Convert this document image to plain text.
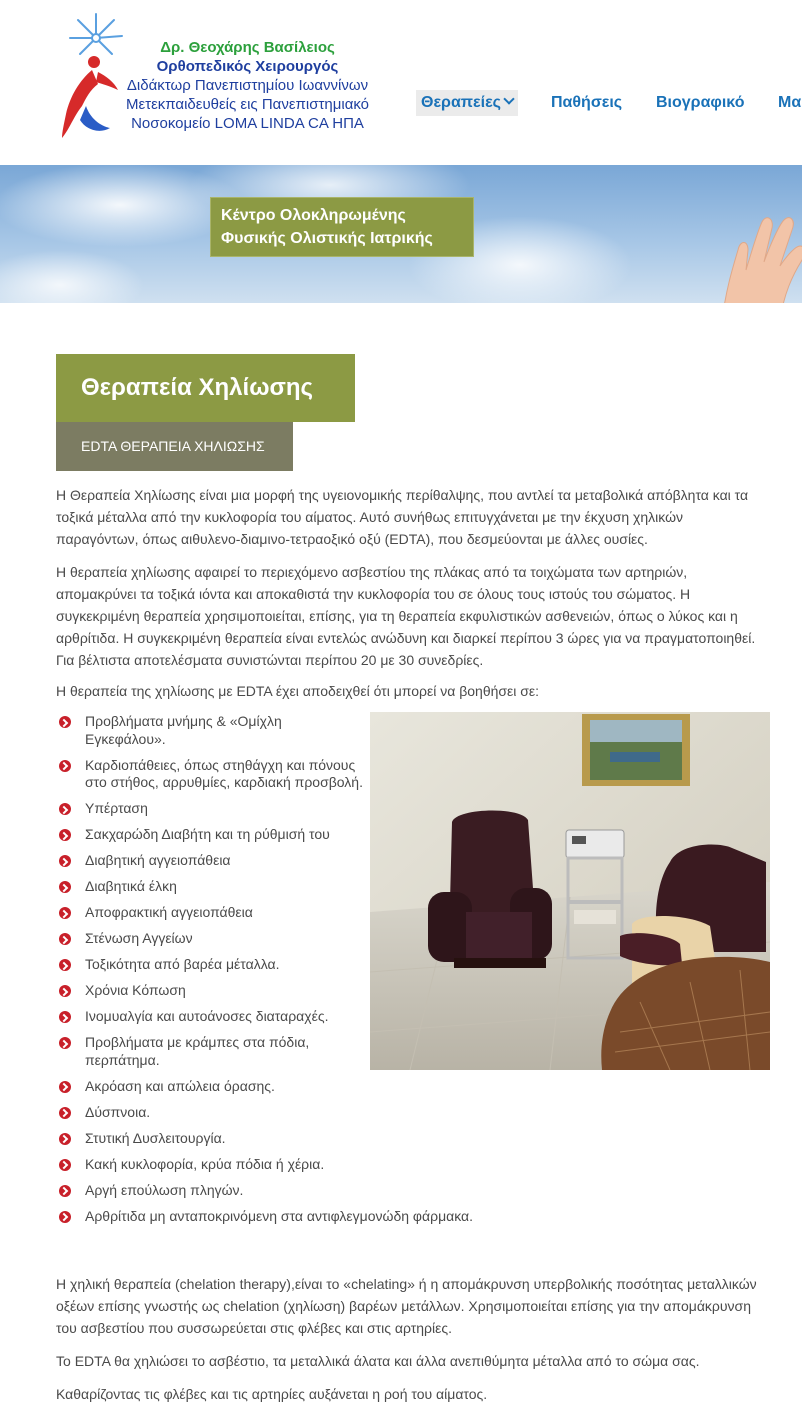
Δρ. Θεοχάρης Βασίλειος
Ορθοπεδικός Χειρουργός
Διδάκτωρ Πανεπιστημίου Ιωαννίνων
Μετεκπαιδευθείς εις Πανεπιστημιακό
Νοσοκομείο LOMA LINDA CA ΗΠΑ
Θεραπείες	Παθήσεις Βιογραφικό Μα
Κέντρο Ολοκληρωμένης
Φυσικής Ολιστικής Ιατρικής
Θεραπεία Χηλίωσης
EDTA ΘΕΡΑΠΕΙΑ ΧΗΛΙΩΣΗΣ

Η Θεραπεία Χηλίωσης είναι μια μορφή της υγειονομικής περίθαλψης, που αντλεί τα μεταβολικά απόβλητα και τα τοξικά μέταλλα από την κυκλοφορία του αίματος. Αυτό συνήθως επιτυγχάνεται με την έκχυση χηλικών παραγόντων, όπως αιθυλενο-διαμινο-τετραοξικό οξύ (EDTA), που δεσμεύονται με άλλες ουσίες.

Η θεραπεία χηλίωσης αφαιρεί το περιεχόμενο ασβεστίου της πλάκας από τα τοιχώματα των αρτηριών, απομακρύνει τα τοξικά ιόντα και αποκαθιστά την κυκλοφορία του σε όλους τους ιστούς του σώματος. Η συγκεκριμένη θεραπεία χρησιμοποιείται, επίσης, για τη θεραπεία εκφυλιστικών ασθενειών, όπως ο λύκος και η αρθρίτιδα. Η συγκεκριμένη θεραπεία είναι εντελώς ανώδυνη και διαρκεί περίπου 3 ώρες για να πραγματοποιηθεί. Για βέλτιστα αποτελέσματα συνιστώνται περίπου 20 με 30 συνεδρίες.

Η θεραπεία της χηλίωσης με EDTA έχει αποδειχθεί ότι μπορεί να βοηθήσει σε:

Προβλήματα μνήμης & «Ομίχλη Εγκεφάλου».
Καρδιοπάθειες, όπως στηθάγχη και πόνους στο στήθος, αρρυθμίες, καρδιακή προσβολή.
Υπέρταση
Σακχαρώδη Διαβήτη και τη ρύθμισή του
Διαβητική αγγειοπάθεια
Διαβητικά έλκη
Αποφρακτική αγγειοπάθεια
Στένωση Αγγείων
Τοξικότητα από βαρέα μέταλλα.
Χρόνια Κόπωση
Ινομυαλγία και αυτοάνοσες διαταραχές.
Προβλήματα με κράμπες στα πόδια, περπάτημα.
Ακρόαση και απώλεια όρασης.
Δύσπνοια.
Στυτική Δυσλειτουργία.
Κακή κυκλοφορία, κρύα πόδια ή χέρια.
Αργή επούλωση πληγών.
Αρθρίτιδα μη ανταποκρινόμενη στα αντιφλεγμονώδη φάρμακα.

Η χηλική θεραπεία (chelation therapy),είναι το «chelating» ή η απομάκρυνση υπερβολικής ποσότητας μεταλλικών οξέων επίσης γνωστής ως chelation (χηλίωση) βαρέων μετάλλων. Χρησιμοποιείται επίσης για την απομάκρυνση του ασβεστίου που συσσωρεύεται στις φλέβες και στις αρτηρίες.

Το EDTA θα χηλιώσει το ασβέστιο, τα μεταλλικά άλατα και άλλα ανεπιθύμητα μέταλλα από το σώμα σας.

Καθαρίζοντας τις φλέβες και τις αρτηρίες αυξάνεται η ροή του αίματος.
